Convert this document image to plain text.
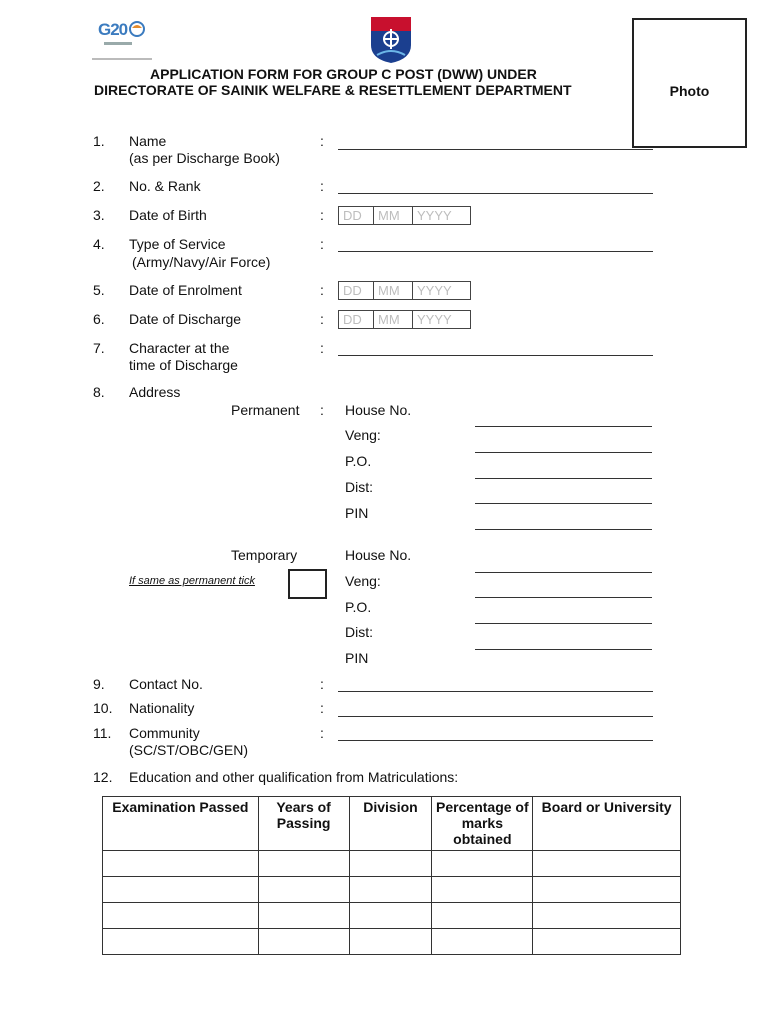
G20
APPLICATION FORM FOR GROUP C POST (DWW) UNDER
DIRECTORATE OF SAINIK WELFARE & RESETTLEMENT DEPARTMENT	Photo
1. Name
(as per Discharge Book)
:
2. No. & Rank	:
3. Date of Birth	:	DD	MM	YYYY
4. Type of Service
(Army/Navy/Air Force)
:
5. Date of Enrolment	:	DD	MM	YYYY
6. Date of Discharge	:	DD	MM	YYYY
7. Character at the
time of Discharge
:
8. Address
Permanent : House No.
Veng:
P.O.
Dist:
PIN
Temporary
If same as permanent tick
House No.
Veng:
P.O.
Dist:
PIN
9. Contact No.	:
10. Nationality	:
11. Community
(SC/ST/OBC/GEN)
:
12. Education and other qualification from Matriculations:
Examination Passed	Years of Passing	Division	Percentage of marks obtained	Board or University
